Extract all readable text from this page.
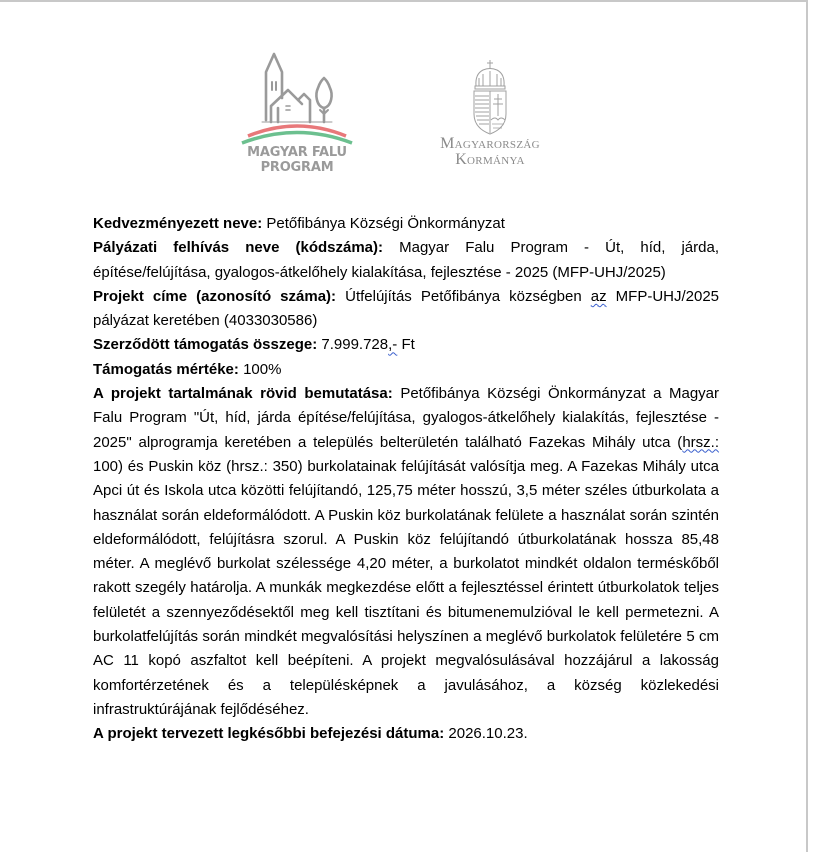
MAGYAR FALU
PROGRAM
Magyarország
Kormánya

Kedvezményezett neve: Petőfibánya Községi Önkormányzat

Pályázati felhívás neve (kódszáma): Magyar Falu Program - Út, híd, járda, építése/felújítása, gyalogos-átkelőhely kialakítása, fejlesztése - 2025 (MFP-UHJ/2025)

Projekt címe (azonosító száma): Útfelújítás Petőfibánya községben az MFP-UHJ/2025 pályázat keretében (4033030586)

Szerződött támogatás összege: 7.999.728,- Ft

Támogatás mértéke: 100%

A projekt tartalmának rövid bemutatása: Petőfibánya Községi Önkormányzat a Magyar Falu Program "Út, híd, járda építése/felújítása, gyalogos-átkelőhely kialakítás, fejlesztése - 2025" alprogramja keretében a település belterületén található Fazekas Mihály utca (hrsz.: 100) és Puskin köz (hrsz.: 350) burkolatainak felújítását valósítja meg. A Fazekas Mihály utca Apci út és Iskola utca közötti felújítandó, 125,75 méter hosszú, 3,5 méter széles útburkolata a használat során eldeformálódott. A Puskin köz burkolatának felülete a használat során szintén eldeformálódott, felújításra szorul. A Puskin köz felújítandó útburkolatának hossza 85,48 méter. A meglévő burkolat szélessége 4,20 méter, a burkolatot mindkét oldalon terméskőből rakott szegély határolja. A munkák megkezdése előtt a fejlesztéssel érintett útburkolatok teljes felületét a szennyeződésektől meg kell tisztítani és bitumenemulzióval le kell permetezni. A burkolatfelújítás során mindkét megvalósítási helyszínen a meglévő burkolatok felületére 5 cm AC 11 kopó aszfaltot kell beépíteni. A projekt megvalósulásával hozzájárul a lakosság komfortérzetének és a településképnek a javulásához, a község közlekedési infrastruktúrájának fejlődéséhez.

A projekt tervezett legkésőbbi befejezési dátuma: 2026.10.23.
